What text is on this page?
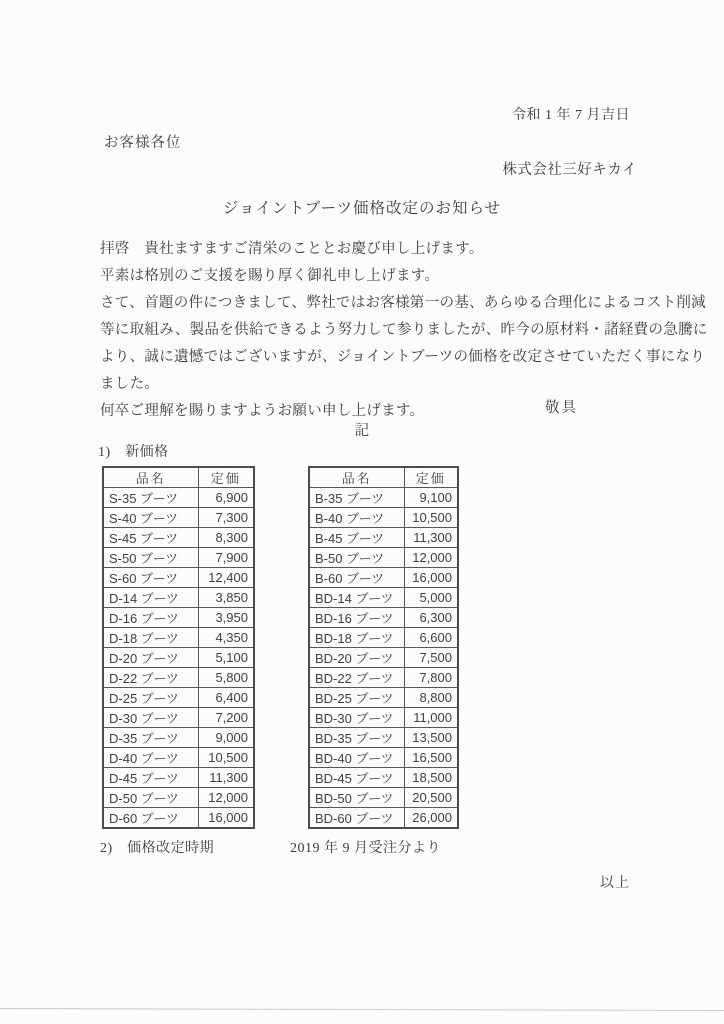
令和 1 年 7 月吉日
お客様各位
株式会社三好キカイ
ジョイントブーツ価格改定のお知らせ
拝啓　貴社ますますご清栄のこととお慶び申し上げます。
平素は格別のご支援を賜り厚く御礼申し上げます。
さて、首題の件につきまして、弊社ではお客様第一の基、あらゆる合理化によるコスト削減
等に取組み、製品を供給できるよう努力して参りましたが、昨今の原材料・諸経費の急騰に
より、誠に遺憾ではございますが、ジョイントブーツの価格を改定させていただく事になり
ました。
何卒ご理解を賜りますようお願い申し上げます。	敬具
記
1)　新価格
品名	定価
S-35 ブーツ	6,900
S-40 ブーツ	7,300
S-45 ブーツ	8,300
S-50 ブーツ	7,900
S-60 ブーツ	12,400
D-14 ブーツ	3,850
D-16 ブーツ	3,950
D-18 ブーツ	4,350
D-20 ブーツ	5,100
D-22 ブーツ	5,800
D-25 ブーツ	6,400
D-30 ブーツ	7,200
D-35 ブーツ	9,000
D-40 ブーツ	10,500
D-45 ブーツ	11,300
D-50 ブーツ	12,000
D-60 ブーツ	16,000
品名	定価
B-35 ブーツ	9,100
B-40 ブーツ	10,500
B-45 ブーツ	11,300
B-50 ブーツ	12,000
B-60 ブーツ	16,000
BD-14 ブーツ	5,000
BD-16 ブーツ	6,300
BD-18 ブーツ	6,600
BD-20 ブーツ	7,500
BD-22 ブーツ	7,800
BD-25 ブーツ	8,800
BD-30 ブーツ	11,000
BD-35 ブーツ	13,500
BD-40 ブーツ	16,500
BD-45 ブーツ	18,500
BD-50 ブーツ	20,500
BD-60 ブーツ	26,000
2)　価格改定時期	2019 年 9 月受注分より
以上
